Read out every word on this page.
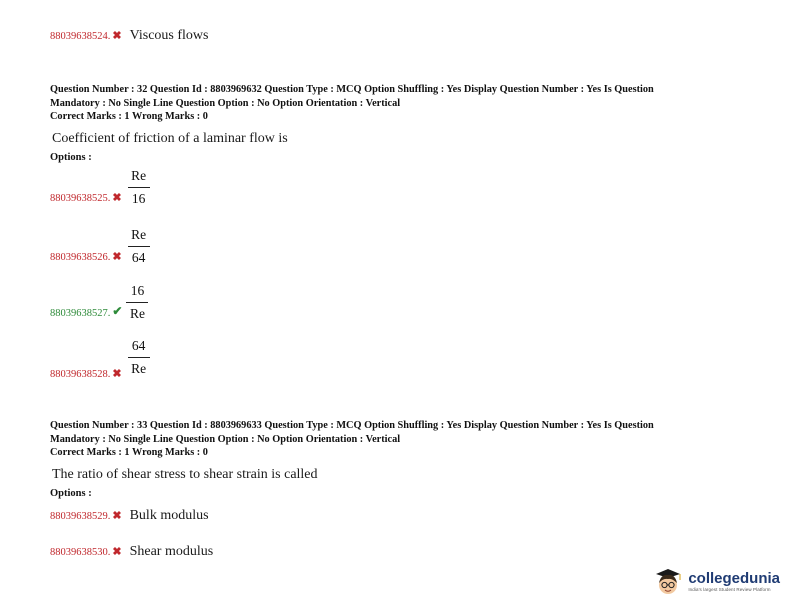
88039638524. ✖ Viscous flows
Question Number : 32 Question Id : 8803969632 Question Type : MCQ Option Shuffling : Yes Display Question Number : Yes Is Question
Mandatory : No Single Line Question Option : No Option Orientation : Vertical
Correct Marks : 1 Wrong Marks : 0
Coefficient of friction of a laminar flow is
Options :
88039638525. ✖ $\frac{Re}{16}$
88039638526. ✖ $\frac{Re}{64}$
88039638527. ✔ $\frac{16}{Re}$
88039638528. ✖ $\frac{64}{Re}$
Question Number : 33 Question Id : 8803969633 Question Type : MCQ Option Shuffling : Yes Display Question Number : Yes Is Question
Mandatory : No Single Line Question Option : No Option Orientation : Vertical
Correct Marks : 1 Wrong Marks : 0
The ratio of shear stress to shear strain is called
Options :
88039638529. ✖ Bulk modulus
88039638530. ✖ Shear modulus
collegedunia
India's largest Student Review Platform
